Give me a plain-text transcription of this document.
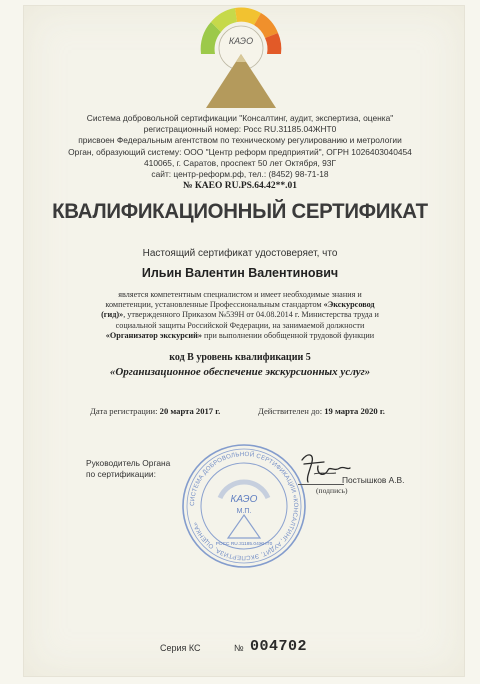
КАЭО
Система добровольной сертификации "Консалтинг, аудит, экспертиза, оценка"
регистрационный номер: Росс RU.31185.04ЖНТ0
присвоен Федеральным агентством по техническому регулированию и метрологии
Орган, образующий систему: ООО "Центр реформ предприятий", ОГРН 1026403040454
410065, г. Саратов, проспект 50 лет Октября, 93Г
сайт: центр-реформ.рф, тел.: (8452) 98-71-18
№ КАЕО RU.PS.64.42**.01
КВАЛИФИКАЦИОННЫЙ СЕРТИФИКАТ
Настоящий сертификат удостоверяет, что
Ильин Валентин Валентинович
является компетентным специалистом и имеет необходимые знания и
компетенции, установленные Профессиональным стандартом «Экскурсовод
(гид)», утвержденного Приказом №539Н от 04.08.2014 г. Министерства труда и
социальной защиты Российской Федерации, на занимаемой должности
«Организатор экскурсий» при выполнении обобщенной трудовой функции
код В уровень квалификации 5
«Организационное обеспечение экскурсионных услуг»
Дата регистрации: 20 марта 2017 г.	Действителен до: 19 марта 2020 г.
Руководитель Органа
по сертификации:
СИСТЕМА ДОБРОВОЛЬНОЙ СЕРТИФИКАЦИИ «КОНСАЛТИНГ, АУДИТ, ЭКСПЕРТИЗА, ОЦЕНКА»
КАЭО
М.П.
РОСС RU.31185.04ЖНТ0
Постышков А.В.
(подпись)
Серия КС	№ 004702
